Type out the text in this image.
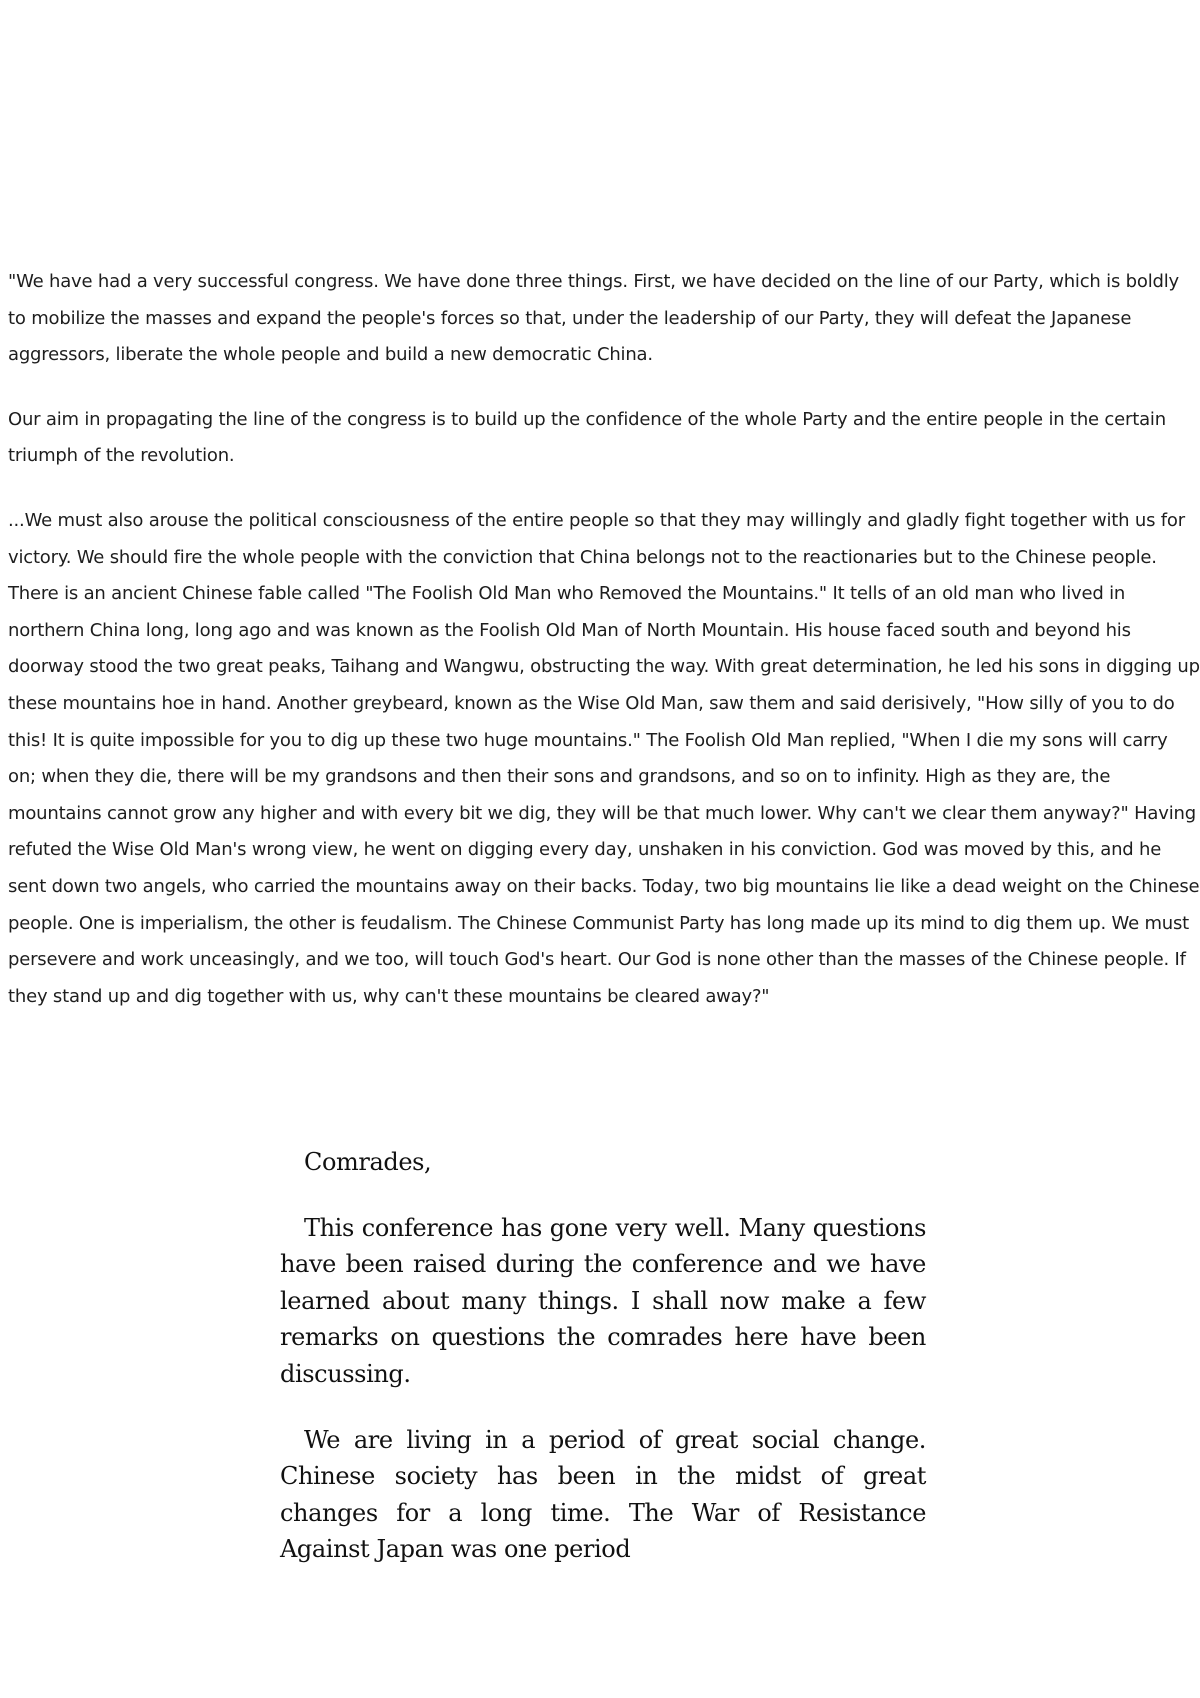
"We have had a very successful congress. We have done three things. First, we have decided on the line of our Party, which is boldly to mobilize the masses and expand the people's forces so that, under the leadership of our Party, they will defeat the Japanese aggressors, liberate the whole people and build a new democratic China.

Our aim in propagating the line of the congress is to build up the confidence of the whole Party and the entire people in the certain triumph of the revolution.

...We must also arouse the political consciousness of the entire people so that they may willingly and gladly fight together with us for victory. We should fire the whole people with the conviction that China belongs not to the reactionaries but to the Chinese people. There is an ancient Chinese fable called "The Foolish Old Man who Removed the Mountains." It tells of an old man who lived in northern China long, long ago and was known as the Foolish Old Man of North Mountain. His house faced south and beyond his doorway stood the two great peaks, Taihang and Wangwu, obstructing the way. With great determination, he led his sons in digging up these mountains hoe in hand. Another greybeard, known as the Wise Old Man, saw them and said derisively, "How silly of you to do this! It is quite impossible for you to dig up these two huge mountains." The Foolish Old Man replied, "When I die my sons will carry on; when they die, there will be my grandsons and then their sons and grandsons, and so on to infinity. High as they are, the mountains cannot grow any higher and with every bit we dig, they will be that much lower. Why can't we clear them anyway?" Having refuted the Wise Old Man's wrong view, he went on digging every day, unshaken in his conviction. God was moved by this, and he sent down two angels, who carried the mountains away on their backs. Today, two big mountains lie like a dead weight on the Chinese people. One is imperialism, the other is feudalism. The Chinese Communist Party has long made up its mind to dig them up. We must persevere and work unceasingly, and we too, will touch God's heart. Our God is none other than the masses of the Chinese people. If they stand up and dig together with us, why can't these mountains be cleared away?"

Comrades,

This conference has gone very well. Many questions have been raised during the conference and we have learned about many things. I shall now make a few remarks on questions the comrades here have been discussing.

We are living in a period of great social change. Chinese society has been in the midst of great changes for a long time. The War of Resistance Against Japan was one period
